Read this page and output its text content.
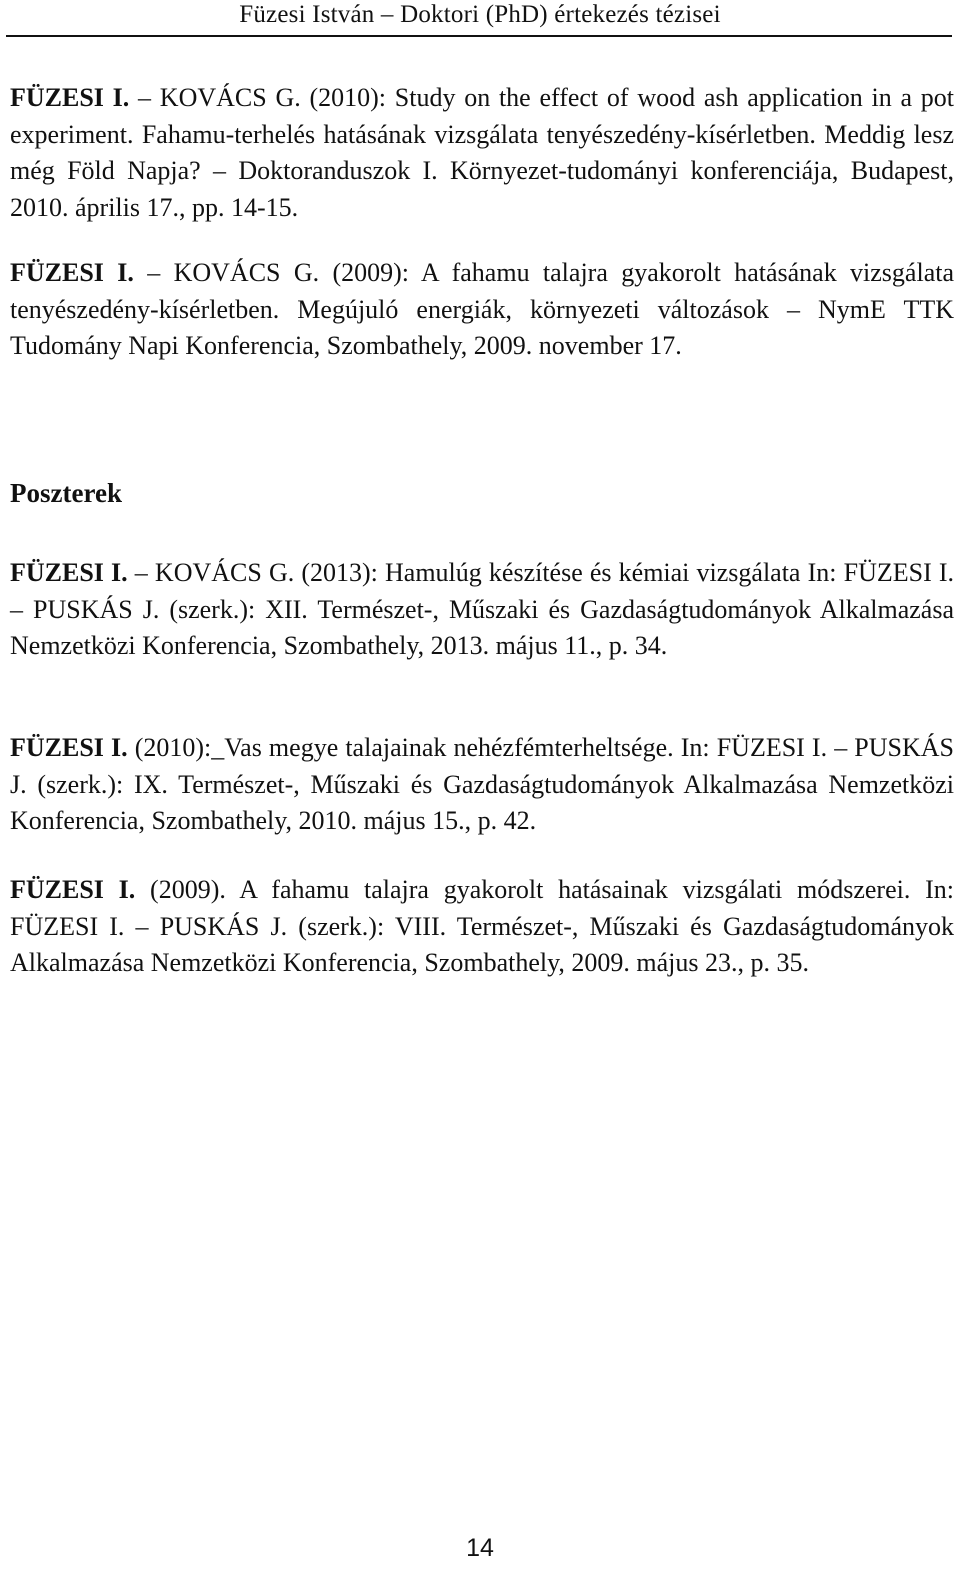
Füzesi István – Doktori (PhD) értekezés tézisei

FÜZESI I. – KOVÁCS G. (2010): Study on the effect of wood ash application in a pot experiment. Fahamu-terhelés hatásának vizsgálata tenyészedény-kísérletben. Meddig lesz még Föld Napja? – Doktoranduszok I. Környezet-tudományi konferenciája, Budapest, 2010. április 17., pp. 14-15.

FÜZESI I. – KOVÁCS G. (2009): A fahamu talajra gyakorolt hatásának vizsgálata tenyészedény-kísérletben. Megújuló energiák, környezeti változások – NymE TTK Tudomány Napi Konferencia, Szombathely, 2009. november 17.

Poszterek

FÜZESI I. – KOVÁCS G. (2013): Hamulúg készítése és kémiai vizsgálata In: FÜZESI I. – PUSKÁS J. (szerk.): XII. Természet-, Műszaki és Gazdaságtudományok Alkalmazása Nemzetközi Konferencia, Szombathely, 2013. május 11., p. 34.

FÜZESI I. (2010):_Vas megye talajainak nehézfémterheltsége. In: FÜZESI I. – PUSKÁS J. (szerk.): IX. Természet-, Műszaki és Gazdaságtudományok Alkalmazása Nemzetközi Konferencia, Szombathely, 2010. május 15., p. 42.

FÜZESI I. (2009). A fahamu talajra gyakorolt hatásainak vizsgálati módszerei. In: FÜZESI I. – PUSKÁS J. (szerk.): VIII. Természet-, Műszaki és Gazdaságtudományok Alkalmazása Nemzetközi Konferencia, Szombathely, 2009. május 23., p. 35.

14
